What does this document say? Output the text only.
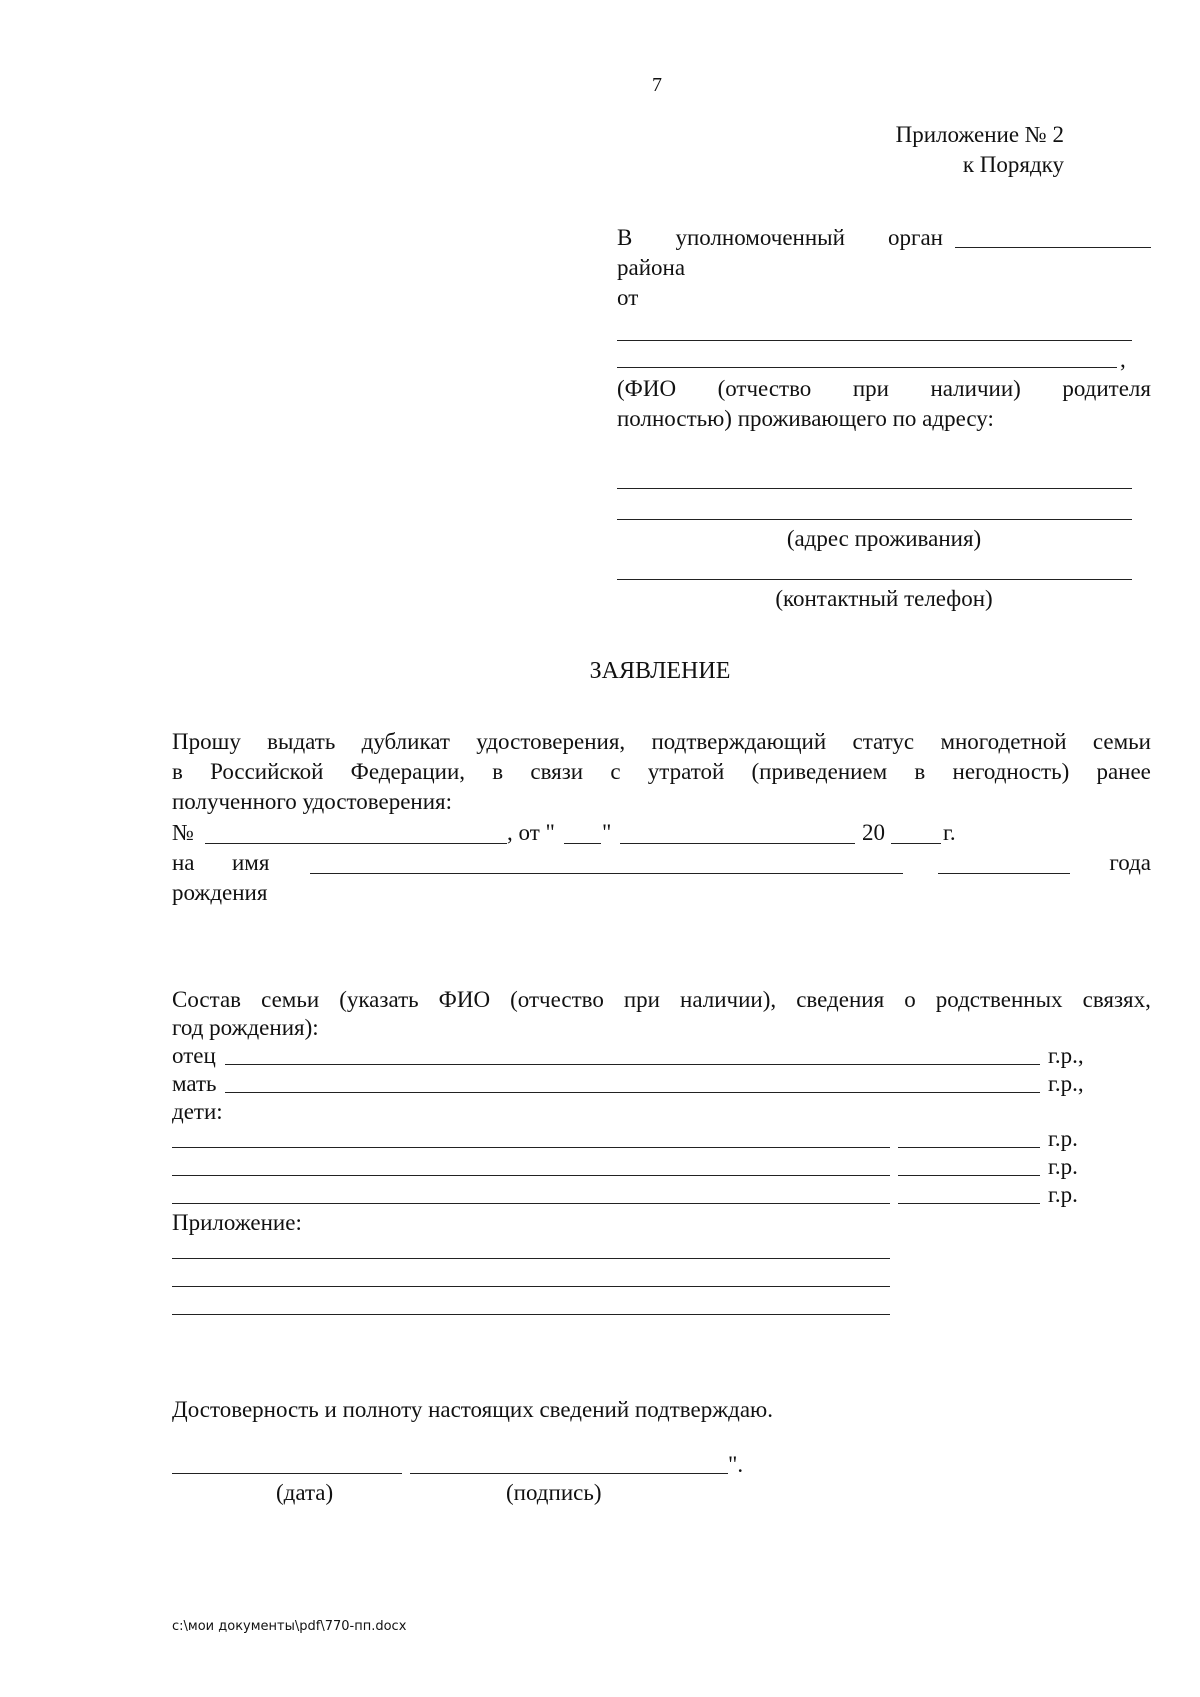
7
Приложение № 2
к Порядку
В уполномоченный орган
района
от
,
(ФИО (отчество при наличии) родителя
полностью) проживающего по адресу:
(адрес проживания)
(контактный телефон)
ЗАЯВЛЕНИЕ
Прошу выдать дубликат удостоверения, подтверждающий статус многодетной семьи
в Российской Федерации, в связи с утратой (приведением в негодность) ранее
полученного удостоверения:
№	, от " "	20	г.
на имя	года
рождения
Состав семьи (указать ФИО (отчество при наличии), сведения о родственных связях,
год рождения):
отец	г.р.,
мать	г.р.,
дети:
г.р.
г.р.
г.р.
Приложение:
Достоверность и полноту настоящих сведений подтверждаю.
".
(дата)	(подпись)
c:\мои документы\pdf\770-пп.docx
